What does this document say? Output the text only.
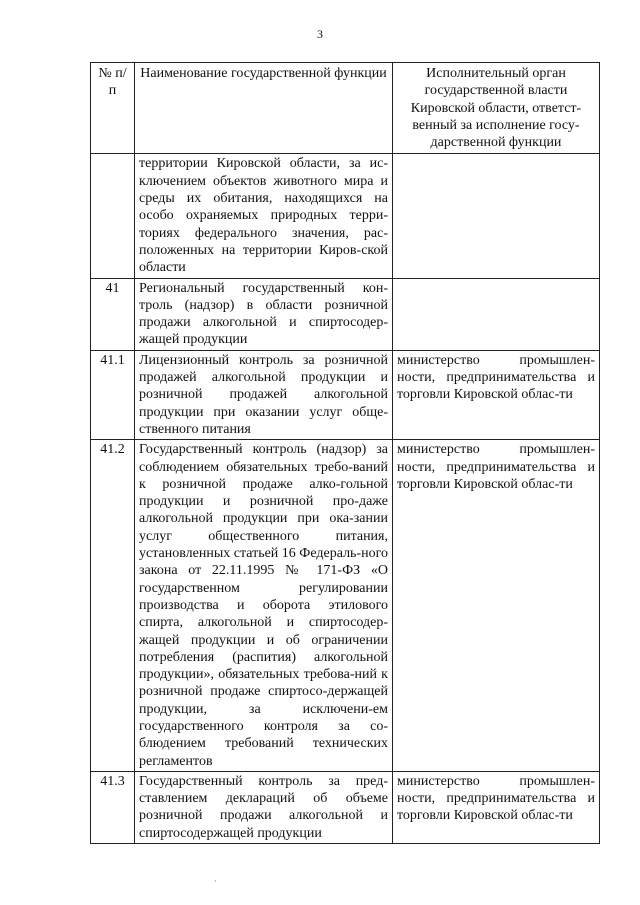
3
№ п/п	Наименование государственной функции	Исполнительный орган государственной власти Кировской области, ответст-венный за исполнение госу-дарственной функции
	территории Кировской области, за ис-ключением объектов животного мира и среды их обитания, находящихся на особо охраняемых природных терри-ториях федерального значения, рас-положенных на территории Киров-ской области	
41	Региональный государственный кон-троль (надзор) в области розничной продажи алкогольной и спиртосодер-жащей продукции	
41.1	Лицензионный контроль за розничной продажей алкогольной продукции и розничной продажей алкогольной продукции при оказании услуг обще-ственного питания	министерство промышлен-ности, предпринимательства и торговли Кировской облас-ти
41.2	Государственный контроль (надзор) за соблюдением обязательных требо-ваний к розничной продаже алко-гольной продукции и розничной про-даже алкогольной продукции при ока-зании услуг общественного питания, установленных статьей 16 Федераль-ного закона от 22.11.1995 № 171-ФЗ «О государственном регулировании производства и оборота этилового спирта, алкогольной и спиртосодер-жащей продукции и об ограничении потребления (распития) алкогольной продукции», обязательных требова-ний к розничной продаже спиртосо-держащей продукции, за исключени-ем государственного контроля за со-блюдением требований технических регламентов	министерство промышлен-ности, предпринимательства и торговли Кировской облас-ти
41.3	Государственный контроль за пред-ставлением деклараций об объеме розничной продажи алкогольной и спиртосодержащей продукции	министерство промышлен-ности, предпринимательства и торговли Кировской облас-ти
